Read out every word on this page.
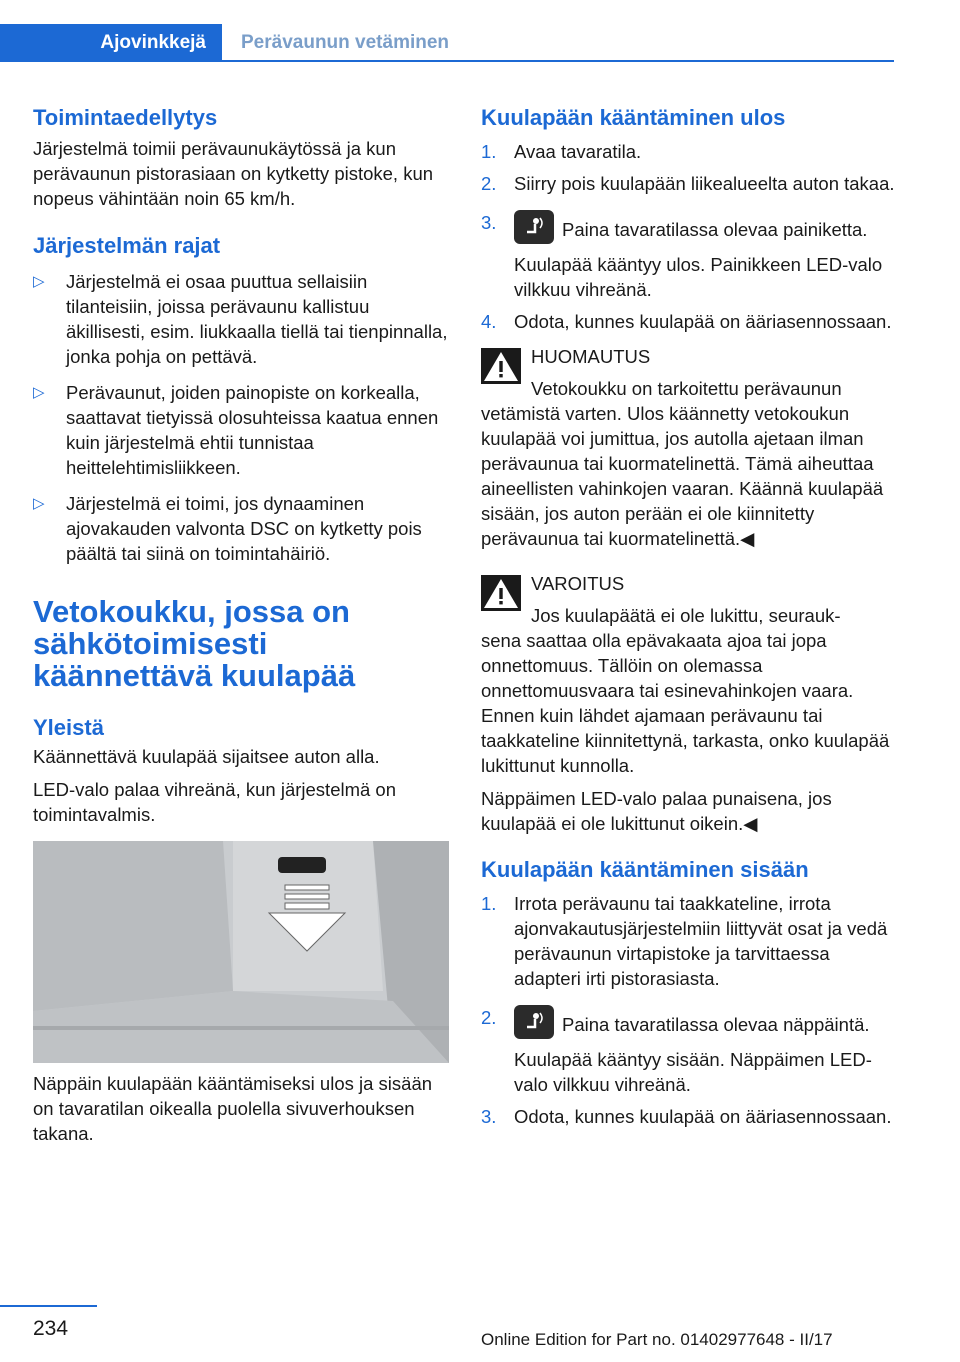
Ajovinkkejä	Perävaunun vetäminen
Toimintaedellytys

Järjestelmä toimii perävaunukäytössä ja kun perävaunun pistorasiaan on kytketty pistoke, kun nopeus vähintään noin 65 km/h.

Järjestelmän rajat
▷ Järjestelmä ei osaa puuttua sellaisiin tilanteisiin, joissa perävaunu kallistuu äkillisesti, esim. liukkaalla tiellä tai tienpinnalla, jonka pohja on pettävä.
▷ Perävaunut, joiden painopiste on korkealla, saattavat tietyissä olosuhteissa kaatua ennen kuin järjestelmä ehtii tunnistaa heittelehtimisliikkeen.
▷ Järjestelmä ei toimi, jos dynaaminen ajovakauden valvonta DSC on kytketty pois päältä tai siinä on toimintahäiriö.
Vetokoukku, jossa on sähkötoimisesti käännettävä kuulapää
Yleistä

Käännettävä kuulapää sijaitsee auton alla.

LED-valo palaa vihreänä, kun järjestelmä on toimintavalmis.

Näppäin kuulapään kääntämiseksi ulos ja sisään on tavaratilan oikealla puolella sivuverhouksen takana.

Kuulapään kääntäminen ulos
1. Avaa tavaratila.
2. Siirry pois kuulapään liikealueelta auton takaa.
3.	Paina tavaratilassa olevaa painiketta.
Kuulapää kääntyy ulos. Painikkeen LED-valo vilkkuu vihreänä.
4. Odota, kunnes kuulapää on ääriasennossaan.
HUOMAUTUS
Vetokoukku on tarkoitettu perävaunun
vetämistä varten. Ulos käännetty vetokoukun kuulapää voi jumittua, jos autolla ajetaan ilman perävaunua tai kuormatelinettä. Tämä aiheuttaa aineellisten vahinkojen vaaran. Käännä kuulapää sisään, jos auton perään ei ole kiinnitetty perävaunua tai kuormatelinettä.◀
VAROITUS
Jos kuulapäätä ei ole lukittu, seurauk-
sena saattaa olla epävakaata ajoa tai jopa onnettomuus. Tällöin on olemassa onnettomuusvaara tai esinevahinkojen vaara. Ennen kuin lähdet ajamaan perävaunu tai taakkateline kiinnitettynä, tarkasta, onko kuulapää lukittunut kunnolla.

Näppäimen LED-valo palaa punaisena, jos kuulapää ei ole lukittunut oikein.◀

Kuulapään kääntäminen sisään
1. Irrota perävaunu tai taakkateline, irrota ajonvakautusjärjestelmiin liittyvät osat ja vedä perävaunun virtapistoke ja tarvittaessa adapteri irti pistorasiasta.
2.	Paina tavaratilassa olevaa näppäintä.
Kuulapää kääntyy sisään. Näppäimen LED-valo vilkkuu vihreänä.
3. Odota, kunnes kuulapää on ääriasennossaan.
234	Online Edition for Part no. 01402977648 - II/17
